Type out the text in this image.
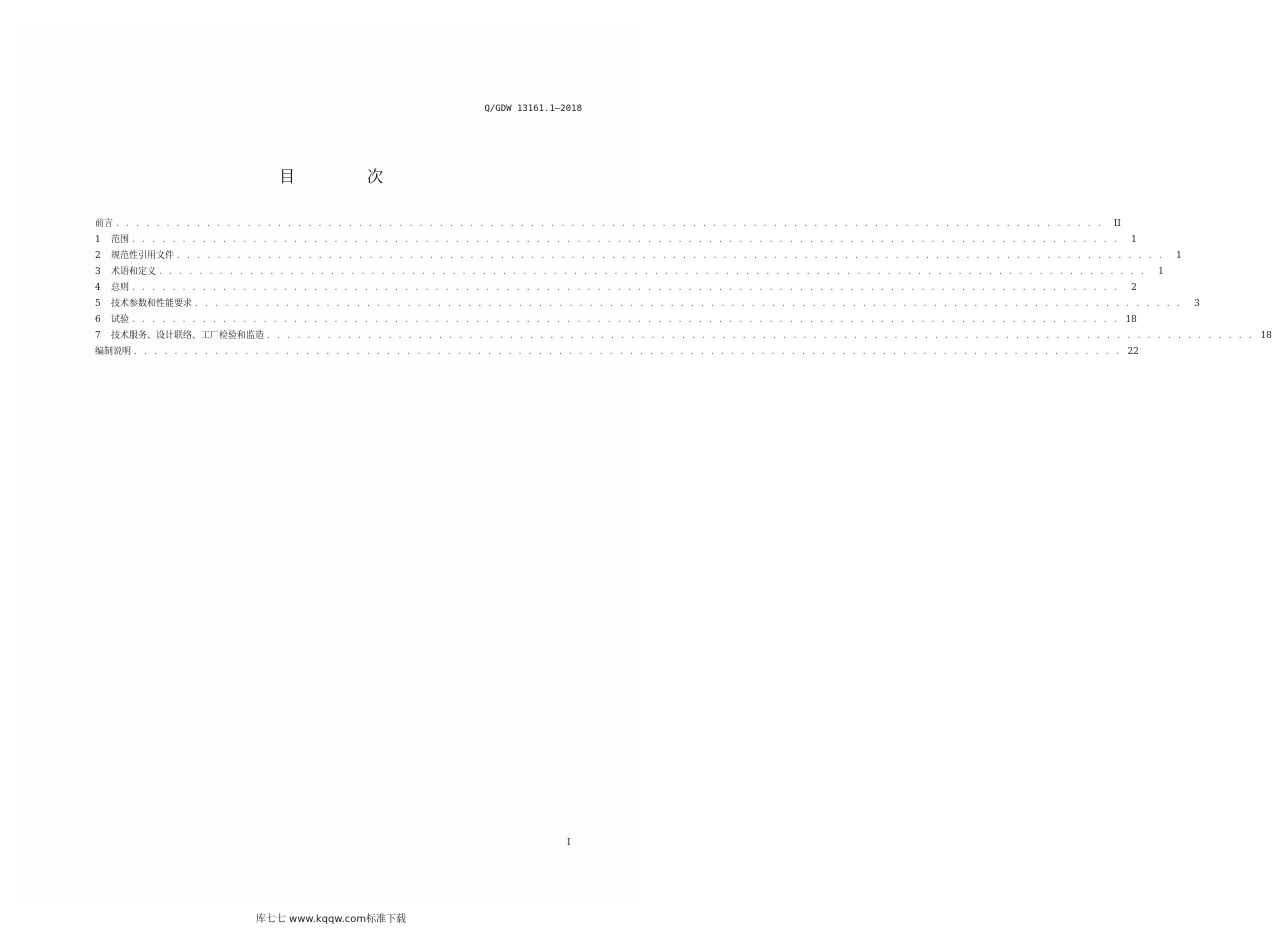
Q/GDW 13161.1—2018
目　次
前言 . . . . . . . . . . . . . . . . . . . . . . . . . . . . . . . . . . . . . . . . . . . . . . . . . . . . . . . . . . . . . . . . . . . . . . . . . . . . . . . . . . . . . . . . . . . . . . . . . .	II
1	范围 . . . . . . . . . . . . . . . . . . . . . . . . . . . . . . . . . . . . . . . . . . . . . . . . . . . . . . . . . . . . . . . . . . . . . . . . . . . . . . . . . . . . . . . . . . . . . . . . . .	1
2	规范性引用文件 . . . . . . . . . . . . . . . . . . . . . . . . . . . . . . . . . . . . . . . . . . . . . . . . . . . . . . . . . . . . . . . . . . . . . . . . . . . . . . . . . . . . . . . . . . . . . . . . . .	1
3	术语和定义 . . . . . . . . . . . . . . . . . . . . . . . . . . . . . . . . . . . . . . . . . . . . . . . . . . . . . . . . . . . . . . . . . . . . . . . . . . . . . . . . . . . . . . . . . . . . . . . . . .	1
4	总则 . . . . . . . . . . . . . . . . . . . . . . . . . . . . . . . . . . . . . . . . . . . . . . . . . . . . . . . . . . . . . . . . . . . . . . . . . . . . . . . . . . . . . . . . . . . . . . . . . .	2
5	技术参数和性能要求 . . . . . . . . . . . . . . . . . . . . . . . . . . . . . . . . . . . . . . . . . . . . . . . . . . . . . . . . . . . . . . . . . . . . . . . . . . . . . . . . . . . . . . . . . . . . . . . . . .	3
6	试验 . . . . . . . . . . . . . . . . . . . . . . . . . . . . . . . . . . . . . . . . . . . . . . . . . . . . . . . . . . . . . . . . . . . . . . . . . . . . . . . . . . . . . . . . . . . . . . . . . . 18
7	技术服务、设计联络、工厂检验和监造 . . . . . . . . . . . . . . . . . . . . . . . . . . . . . . . . . . . . . . . . . . . . . . . . . . . . . . . . . . . . . . . . . . . . . . . . . . . . . . . . . . . . . . . . . . . . . . . . . . 18
编制说明 . . . . . . . . . . . . . . . . . . . . . . . . . . . . . . . . . . . . . . . . . . . . . . . . . . . . . . . . . . . . . . . . . . . . . . . . . . . . . . . . . . . . . . . . . . . . . . . . . . 22
I
库七七 www.kqqw.com标准下载
